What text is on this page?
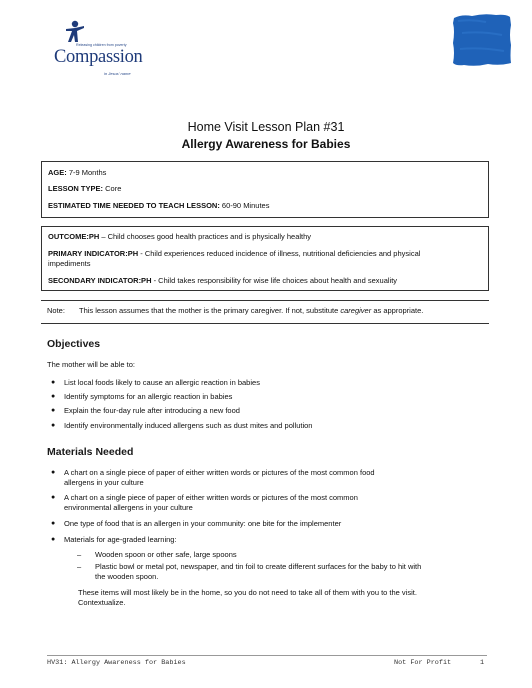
Releasing children from poverty
Compassion
in Jesus' name
Home Visit Lesson Plan #31
Allergy Awareness for Babies
AGE: 7-9 Months
LESSON TYPE: Core
ESTIMATED TIME NEEDED TO TEACH LESSON: 60-90 Minutes
OUTCOME:PH – Child chooses good health practices and is physically healthy
PRIMARY INDICATOR:PH - Child experiences reduced incidence of illness, nutritional deficiencies and physical
impediments
SECONDARY INDICATOR:PH - Child takes responsibility for wise life choices about health and sexuality
Note: This lesson assumes that the mother is the primary caregiver. If not, substitute caregiver as appropriate.
Objectives
The mother will be able to:
● List local foods likely to cause an allergic reaction in babies
● Identify symptoms for an allergic reaction in babies
● Explain the four-day rule after introducing a new food
● Identify environmentally induced allergens such as dust mites and pollution
Materials Needed
● A chart on a single piece of paper of either written words or pictures of the most common food
allergens in your culture
● A chart on a single piece of paper of either written words or pictures of the most common
environmental allergens in your culture
● One type of food that is an allergen in your community: one bite for the implementer
● Materials for age-graded learning:
– Wooden spoon or other safe, large spoons
– Plastic bowl or metal pot, newspaper, and tin foil to create different surfaces for the baby to hit with
the wooden spoon.
These items will most likely be in the home, so you do not need to take all of them with you to the visit.
Contextualize.
HV31: Allergy Awareness for Babies	Not For Profit	1
